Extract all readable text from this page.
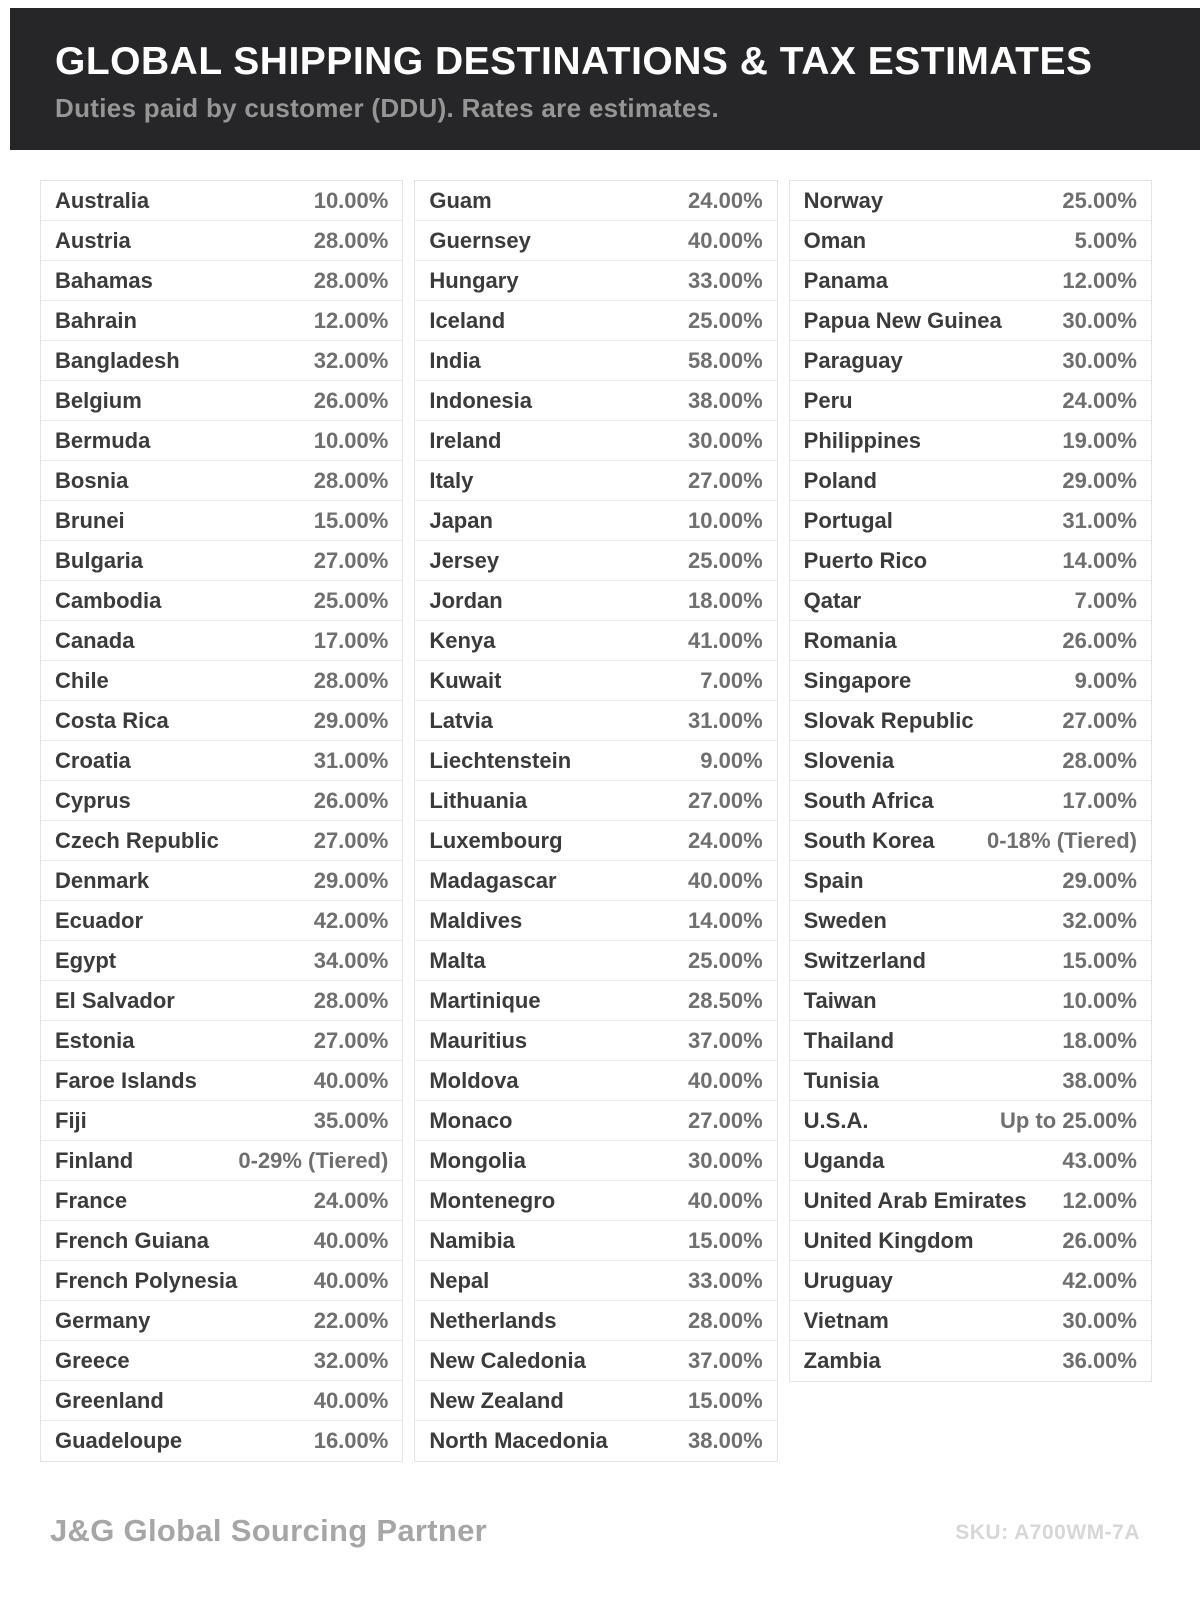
GLOBAL SHIPPING DESTINATIONS & TAX ESTIMATES
Duties paid by customer (DDU). Rates are estimates.
Australia	10.00%
Austria	28.00%
Bahamas	28.00%
Bahrain	12.00%
Bangladesh	32.00%
Belgium	26.00%
Bermuda	10.00%
Bosnia	28.00%
Brunei	15.00%
Bulgaria	27.00%
Cambodia	25.00%
Canada	17.00%
Chile	28.00%
Costa Rica	29.00%
Croatia	31.00%
Cyprus	26.00%
Czech Republic	27.00%
Denmark	29.00%
Ecuador	42.00%
Egypt	34.00%
El Salvador	28.00%
Estonia	27.00%
Faroe Islands	40.00%
Fiji	35.00%
Finland	0-29% (Tiered)
France	24.00%
French Guiana	40.00%
French Polynesia	40.00%
Germany	22.00%
Greece	32.00%
Greenland	40.00%
Guadeloupe	16.00%
Guam	24.00%
Guernsey	40.00%
Hungary	33.00%
Iceland	25.00%
India	58.00%
Indonesia	38.00%
Ireland	30.00%
Italy	27.00%
Japan	10.00%
Jersey	25.00%
Jordan	18.00%
Kenya	41.00%
Kuwait	7.00%
Latvia	31.00%
Liechtenstein	9.00%
Lithuania	27.00%
Luxembourg	24.00%
Madagascar	40.00%
Maldives	14.00%
Malta	25.00%
Martinique	28.50%
Mauritius	37.00%
Moldova	40.00%
Monaco	27.00%
Mongolia	30.00%
Montenegro	40.00%
Namibia	15.00%
Nepal	33.00%
Netherlands	28.00%
New Caledonia	37.00%
New Zealand	15.00%
North Macedonia	38.00%
Norway	25.00%
Oman	5.00%
Panama	12.00%
Papua New Guinea	30.00%
Paraguay	30.00%
Peru	24.00%
Philippines	19.00%
Poland	29.00%
Portugal	31.00%
Puerto Rico	14.00%
Qatar	7.00%
Romania	26.00%
Singapore	9.00%
Slovak Republic	27.00%
Slovenia	28.00%
South Africa	17.00%
South Korea 0-18% (Tiered)
Spain	29.00%
Sweden	32.00%
Switzerland	15.00%
Taiwan	10.00%
Thailand	18.00%
Tunisia	38.00%
U.S.A.	Up to 25.00%
Uganda	43.00%
United Arab Emirates 12.00%
United Kingdom	26.00%
Uruguay	42.00%
Vietnam	30.00%
Zambia	36.00%
J&G Global Sourcing Partner	SKU: A700WM-7A
